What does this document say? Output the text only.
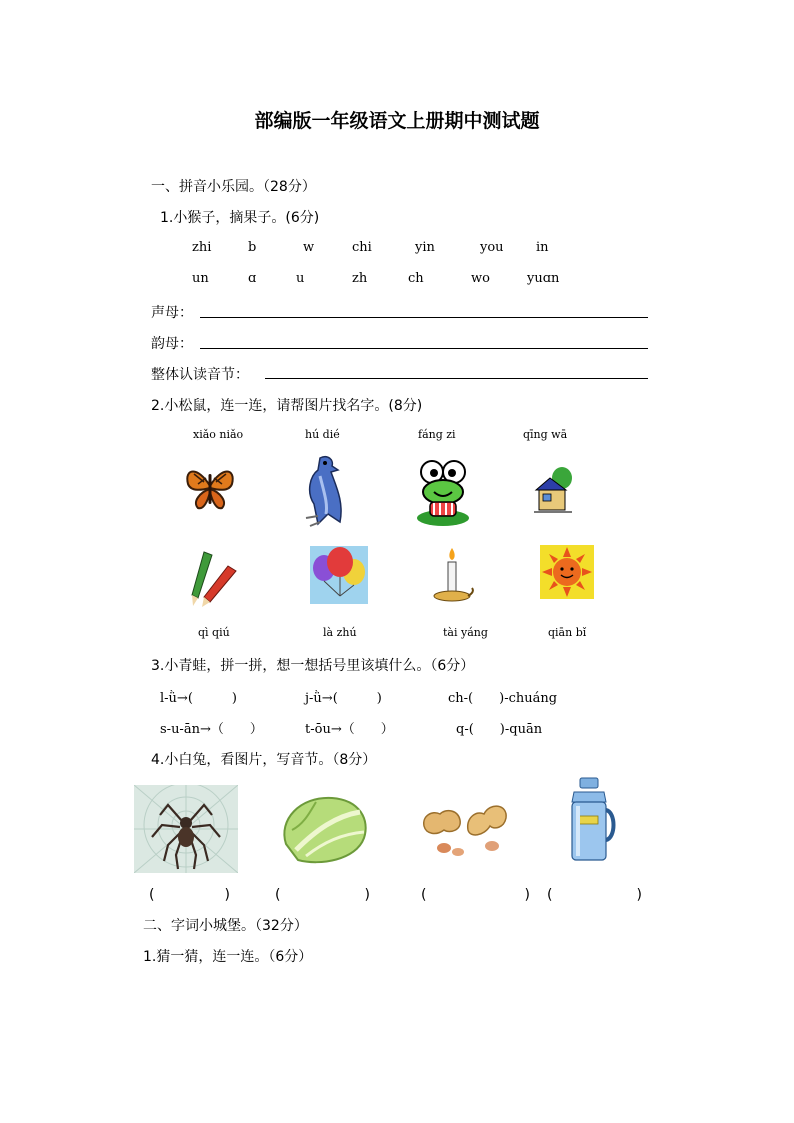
部编版一年级语文上册期中测试题
一、拼音小乐园。（28分）
1.小猴子，摘果子。(6分)
zhi	b	w	chi	yin	you in
un	ɑ	u	zh	ch	wo	yuɑn
声母：
韵母：
整体认读音节：
2.小松鼠，连一连，请帮图片找名字。(8分)
xiǎo niǎo	hú dié	fáng zi	qīng wā
qì qiú	là zhú	tài yáng	qiān bǐ
3.小青蛙，拼一拼，想一想括号里该填什么。（6分）
l-ǜ→(　　　)	j-ǜ→(　　　)	ch-(　　)-chuáng
s-u-ān→（　　）	t-ōu→（　　）	q-(　　)-quān
4.小白兔，看图片，写音节。（8分）
(　　　　　)	(　　　　　　)	(　　　　　　　) (　　　　　　)
二、字词小城堡。（32分）
1.猜一猜，连一连。（6分）
